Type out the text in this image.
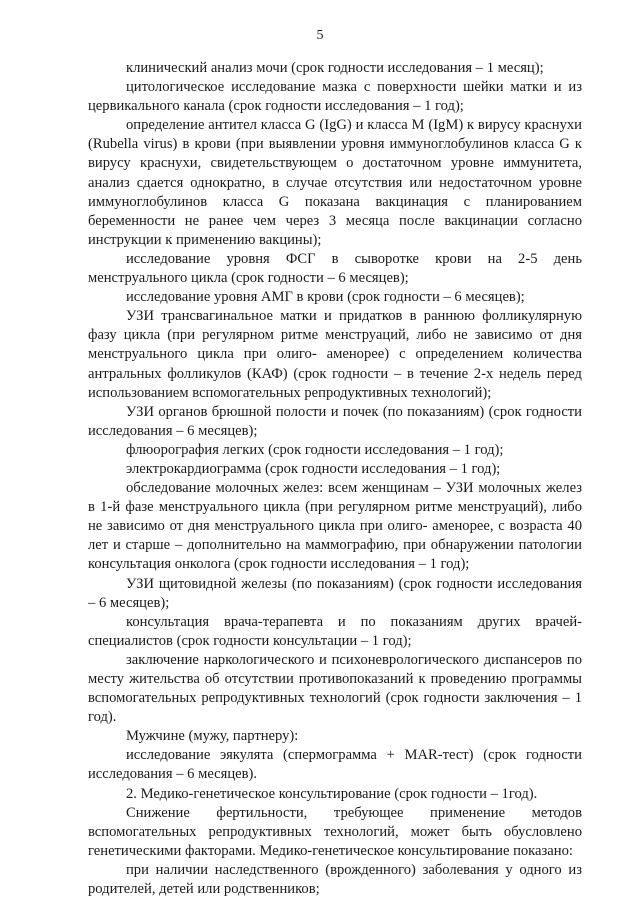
5

клинический анализ мочи (срок годности исследования – 1 месяц);

цитологическое исследование мазка с поверхности шейки матки и из цервикального канала (срок годности исследования – 1 год);

определение антител класса G (IgG) и класса M (IgM) к вирусу краснухи (Rubella virus) в крови (при выявлении уровня иммуноглобулинов класса G к вирусу краснухи, свидетельствующем о достаточном уровне иммунитета, анализ сдается однократно, в случае отсутствия или недостаточном уровне иммуноглобулинов класса G показана вакцинация с планированием беременности не ранее чем через 3 месяца после вакцинации согласно инструкции к применению вакцины);

исследование уровня ФСГ в сыворотке крови на 2-5 день менструального цикла (срок годности – 6 месяцев);

исследование уровня АМГ в крови (срок годности – 6 месяцев);

УЗИ трансвагинальное матки и придатков в раннюю фолликулярную фазу цикла (при регулярном ритме менструаций, либо не зависимо от дня менструального цикла при олиго- аменорее) с определением количества антральных фолликулов (КАФ) (срок годности – в течение 2-х недель перед использованием вспомогательных репродуктивных технологий);

УЗИ органов брюшной полости и почек (по показаниям) (срок годности исследования – 6 месяцев);

флюорография легких (срок годности исследования – 1 год);

электрокардиограмма (срок годности исследования – 1 год);

обследование молочных желез: всем женщинам – УЗИ молочных желез в 1-й фазе менструального цикла (при регулярном ритме менструаций), либо не зависимо от дня менструального цикла при олиго- аменорее, с возраста 40 лет и старше – дополнительно на маммографию, при обнаружении патологии консультация онколога (срок годности исследования – 1 год);

УЗИ щитовидной железы (по показаниям) (срок годности исследования – 6 месяцев);

консультация врача-терапевта и по показаниям других врачей-специалистов (срок годности консультации – 1 год);

заключение наркологического и психоневрологического диспансеров по месту жительства об отсутствии противопоказаний к проведению программы вспомогательных репродуктивных технологий (срок годности заключения – 1 год).

Мужчине (мужу, партнеру):

исследование эякулята (спермограмма + MAR-тест) (срок годности исследования – 6 месяцев).

2. Медико-генетическое консультирование (срок годности – 1год).

Снижение фертильности, требующее применение методов вспомогательных репродуктивных технологий, может быть обусловлено генетическими факторами. Медико-генетическое консультирование показано:

при наличии наследственного (врожденного) заболевания у одного из родителей, детей или родственников;
